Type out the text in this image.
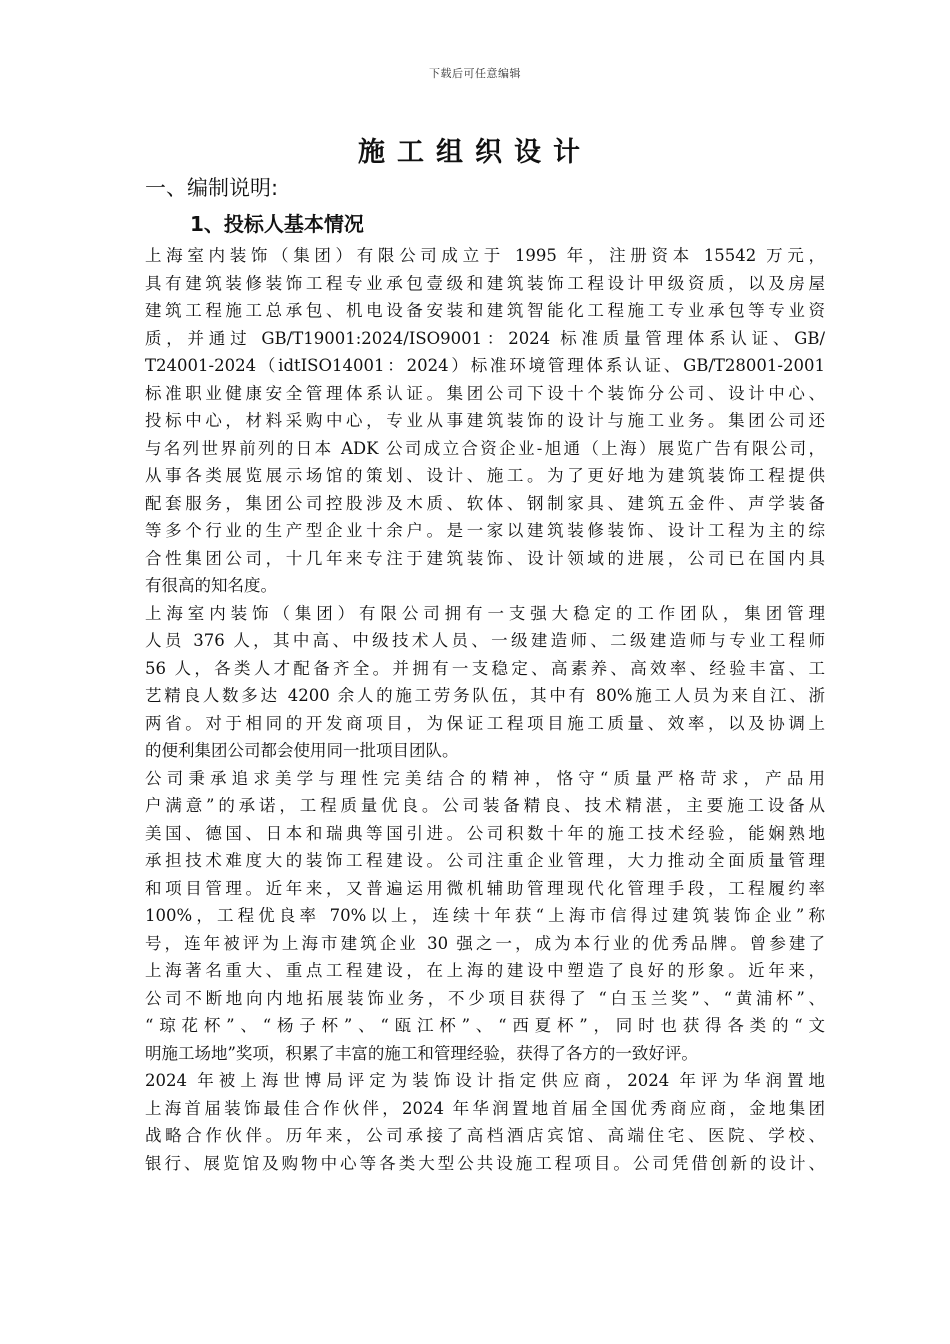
下载后可任意编辑
施工组织设计
一、编制说明:
1、投标人基本情况
上海室内装饰（集团）有限公司成立于 1995 年，注册资本 15542 万元，
具有建筑装修装饰工程专业承包壹级和建筑装饰工程设计甲级资质，以及房屋
建筑工程施工总承包、机电设备安装和建筑智能化工程施工专业承包等专业资
质，并通过 GB/T19001:2024/ISO9001：2024 标准质量管理体系认证、GB/
T24001-2024（idtISO14001：2024）标准环境管理体系认证、GB/T28001-2001
标准职业健康安全管理体系认证。集团公司下设十个装饰分公司、设计中心、
投标中心，材料采购中心，专业从事建筑装饰的设计与施工业务。集团公司还
与名列世界前列的日本 ADK 公司成立合资企业-旭通（上海）展览广告有限公司，
从事各类展览展示场馆的策划、设计、施工。为了更好地为建筑装饰工程提供
配套服务，集团公司控股涉及木质、软体、钢制家具、建筑五金件、声学装备
等多个行业的生产型企业十余户。是一家以建筑装修装饰、设计工程为主的综
合性集团公司，十几年来专注于建筑装饰、设计领域的进展，公司已在国内具
有很高的知名度。
上海室内装饰（集团）有限公司拥有一支强大稳定的工作团队，集团管理
人员 376 人，其中高、中级技术人员、一级建造师、二级建造师与专业工程师
56 人，各类人才配备齐全。并拥有一支稳定、高素养、高效率、经验丰富、工
艺精良人数多达 4200 余人的施工劳务队伍，其中有 80%施工人员为来自江、浙
两省。对于相同的开发商项目，为保证工程项目施工质量、效率，以及协调上
的便利集团公司都会使用同一批项目团队。
公司秉承追求美学与理性完美结合的精神，恪守“质量严格苛求，产品用
户满意”的承诺，工程质量优良。公司装备精良、技术精湛，主要施工设备从
美国、德国、日本和瑞典等国引进。公司积数十年的施工技术经验，能娴熟地
承担技术难度大的装饰工程建设。公司注重企业管理，大力推动全面质量管理
和项目管理。近年来，又普遍运用微机辅助管理现代化管理手段，工程履约率
100%，工程优良率 70%以上，连续十年获“上海市信得过建筑装饰企业”称
号，连年被评为上海市建筑企业 30 强之一，成为本行业的优秀品牌。曾参建了
上海著名重大、重点工程建设，在上海的建设中塑造了良好的形象。近年来，
公司不断地向内地拓展装饰业务，不少项目获得了 “白玉兰奖”、“黄浦杯”、
“琼花杯”、“杨子杯”、“瓯江杯”、“西夏杯”，同时也获得各类的“文
明施工场地”奖项，积累了丰富的施工和管理经验，获得了各方的一致好评。
2024 年被上海世博局评定为装饰设计指定供应商，2024 年评为华润置地
上海首届装饰最佳合作伙伴，2024 年华润置地首届全国优秀商应商，金地集团
战略合作伙伴。历年来，公司承接了高档酒店宾馆、高端住宅、医院、学校、
银行、展览馆及购物中心等各类大型公共设施工程项目。公司凭借创新的设计、
